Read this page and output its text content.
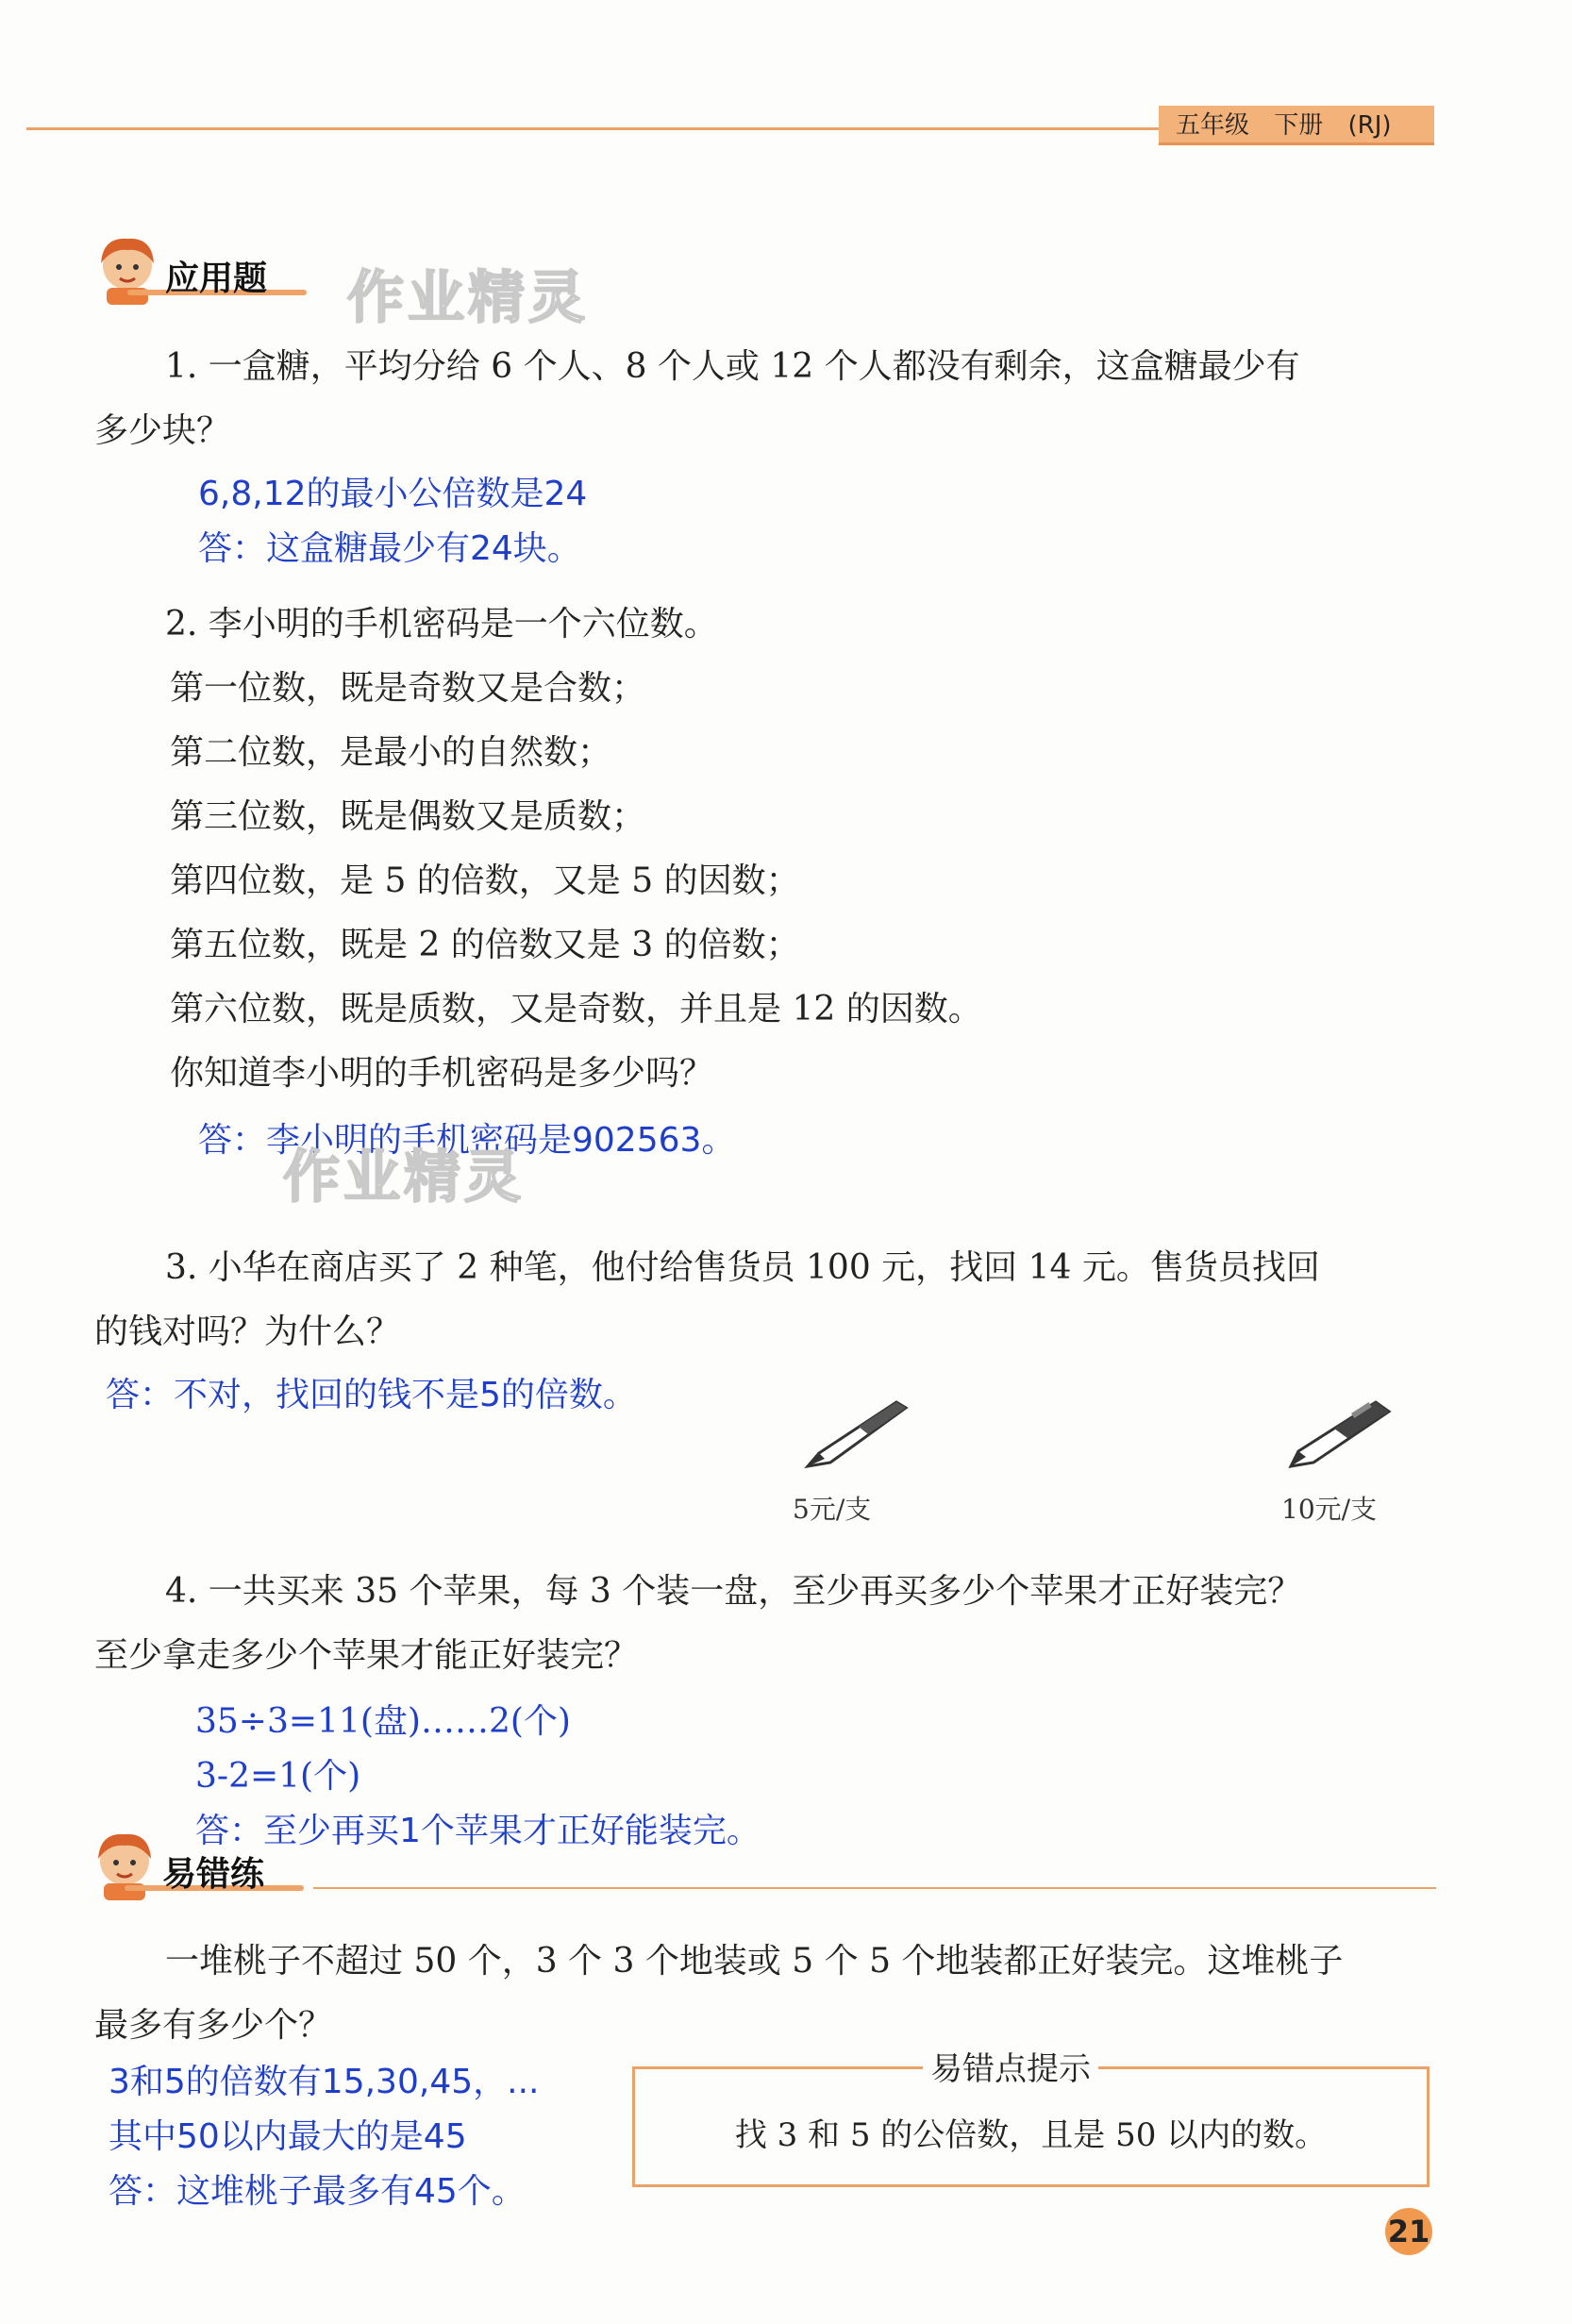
五年级 下册 (RJ)
应用题 作业精灵
1. 一盒糖，平均分给 6 个人、8 个人或 12 个人都没有剩余，这盒糖最少有
多少块？
6,8,12的最小公倍数是24
答：这盒糖最少有24块。
2. 李小明的手机密码是一个六位数。
第一位数，既是奇数又是合数；
第二位数，是最小的自然数；
第三位数，既是偶数又是质数；
第四位数，是 5 的倍数，又是 5 的因数；
第五位数，既是 2 的倍数又是 3 的倍数；
第六位数，既是质数，又是奇数，并且是 12 的因数。
你知道李小明的手机密码是多少吗？
答：李小明的手机密码是902563。
作业精灵
3. 小华在商店买了 2 种笔，他付给售货员 100 元，找回 14 元。售货员找回
的钱对吗？为什么？
答：不对，找回的钱不是5的倍数。
5元/支	10元/支
4. 一共买来 35 个苹果，每 3 个装一盘，至少再买多少个苹果才正好装完？
至少拿走多少个苹果才能正好装完？
35÷3=11(盘)……2(个)
3-2=1(个)
答：至少再买1个苹果才正好能装完。
易错练
一堆桃子不超过 50 个，3 个 3 个地装或 5 个 5 个地装都正好装完。这堆桃子
最多有多少个？
3和5的倍数有15,30,45，...
其中50以内最大的是45
答：这堆桃子最多有45个。
易错点提示
找 3 和 5 的公倍数，且是 50 以内的数。
21
